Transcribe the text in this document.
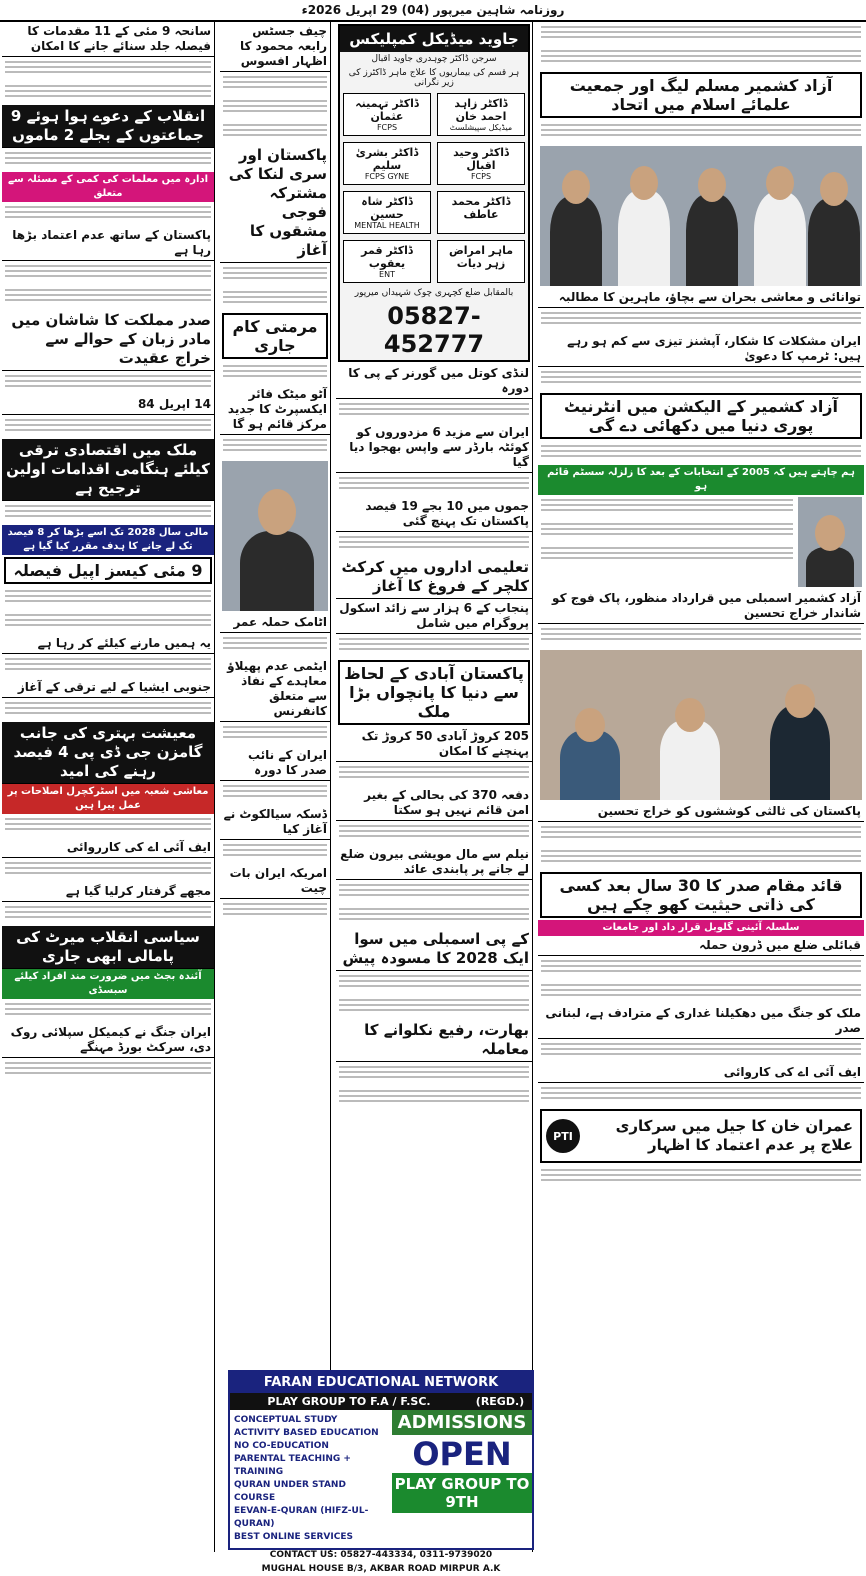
روزنامہ شاہین میرپور (04) 29 اپریل 2026ء
سانحہ 9 مئی کے 11 مقدمات کا فیصلہ جلد سنائے جانے کا امکان
انقلاب کے دعوے ہوا ہوئے 9 جماعتوں کے بجلے 2 ماموں
ادارہ میں معلمات کی کمی کے مسئلہ سے متعلق
پاکستان کے ساتھ عدم اعتماد بڑھا رہا ہے
صدر مملکت کا شاشان میں مادر زبان کے حوالے سے خراج عقیدت
14 اپریل 84
ملک میں اقتصادی ترقی کیلئے ہنگامی اقدامات اولین ترجیح ہے
مالی سال 2028 تک اسے بڑھا کر 8 فیصد تک لے جانے کا ہدف مقرر کیا گیا ہے
9 مئی کیسز اپیل فیصلہ
یہ ہمیں مارنے کیلئے کر رہا ہے
جنوبی ایشیا کے لیے ترقی کے آغاز
معیشت بہتری کی جانب گامزن جی ڈی پی 4 فیصد رہنے کی امید
معاشی شعبہ میں اسٹرکچرل اصلاحات پر عمل پیرا ہیں
ایف آئی اے کی کارروائی
مجھے گرفتار کرلیا گیا ہے
سیاسی انقلاب میرٹ کی پامالی ابھی جاری
آئندہ بجٹ میں ضرورت مند افراد کیلئے سبسڈی
ایران جنگ نے کیمیکل سپلائی روک دی، سرکٹ بورڈ مہنگے
چیف جسٹس رابعہ محمود کا اظہار افسوس
پاکستان اور سری لنکا کی مشترکہ فوجی مشقوں کا آغاز
مرمتی کام جاری
آٹو میٹک فائر ایکسپرٹ کا جدید مرکز قائم ہو گا
اٹامک حملہ عمر
ایٹمی عدم پھیلاؤ معاہدے کے نفاذ سے متعلق کانفرنس
ایران کے نائب صدر کا دورہ
ڈسکہ سیالکوٹ نے آغاز کیا
امریکہ ایران بات چیت
جاوید میڈیکل کمپلیکس
سرجن ڈاکٹر چوہدری جاوید اقبال
ہر قسم کی بیماریوں کا علاج ماہر ڈاکٹرز کی زیر نگرانی
ڈاکٹر تہمینہ عثمان
FCPS
ڈاکٹر زاہد احمد خان
میڈیکل سپیشلسٹ
ڈاکٹر بشریٰ سلیم
FCPS GYNE
ڈاکٹر وحید اقبال
FCPS
ڈاکٹر شاہ حسین
MENTAL HEALTH
ڈاکٹر محمد عاطف
ڈاکٹر قمر یعقوب
ENT
ماہر امراض زہر دیات
بالمقابل ضلع کچہری چوک شہیداں میرپور
05827-452777
لنڈی کوتل میں گورنر کے پی کا دورہ
ایران سے مزید 6 مزدوروں کو کوئٹہ بارڈر سے واپس بھجوا دیا گیا
جموں میں 10 بجے 19 فیصد پاکستان تک پہنچ گئی
تعلیمی اداروں میں کرکٹ کلچر کے فروغ کا آغاز
پنجاب کے 6 ہزار سے زائد اسکول پروگرام میں شامل
پاکستان آبادی کے لحاظ سے دنیا کا پانچواں بڑا ملک
205 کروڑ آبادی 50 کروڑ تک پہنچنے کا امکان
دفعہ 370 کی بحالی کے بغیر امن قائم نہیں ہو سکتا
نیلم سے مال مویشی بیرون ضلع لے جانے پر پابندی عائد
کے پی اسمبلی میں سوا ایک 2028 کا مسودہ پیش
بھارت، رفیع نکلوانے کا معاملہ
آزاد کشمیر مسلم لیگ اور جمعیت علمائے اسلام میں اتحاد
توانائی و معاشی بحران سے بچاؤ، ماہرین کا مطالبہ
ایران مشکلات کا شکار، آپشنز تیزی سے کم ہو رہے ہیں: ٹرمپ کا دعویٰ
آزاد کشمیر کے الیکشن میں انٹرنیٹ پوری دنیا میں دکھائی دے گی
ہم چاہتے ہیں کہ 2005 کے انتخابات کے بعد کا زلزلہ سسٹم قائم ہو
آزاد کشمیر اسمبلی میں قرارداد منظور، پاک فوج کو شاندار خراج تحسین
پاکستان کی ثالثی کوششوں کو خراج تحسین
قائد مقام صدر کا 30 سال بعد کسی کی ذاتی حیثیت کھو چکے ہیں
سلسلہ آئینی گلوبل قرار داد اور جامعات
قبائلی ضلع میں ڈرون حملہ
ملک کو جنگ میں دھکیلنا غداری کے مترادف ہے، لبنانی صدر
ایف آئی اے کی کاروائی
PTI
عمران خان کا جیل میں سرکاری علاج پر عدم اعتماد کا اظہار
FARAN EDUCATIONAL NETWORK
PLAY GROUP TO F.A / F.SC.	(REGD.)
CONCEPTUAL STUDY
ACTIVITY BASED EDUCATION
NO CO-EDUCATION
PARENTAL TEACHING + TRAINING
QURAN UNDER STAND COURSE
EEVAN-E-QURAN (HIFZ-UL-QURAN)
BEST ONLINE SERVICES
ADMISSIONS
OPEN
PLAY GROUP TO 9TH
CONTACT US: 05827-443334, 0311-9739020
MUGHAL HOUSE B/3, AKBAR ROAD MIRPUR A.K
